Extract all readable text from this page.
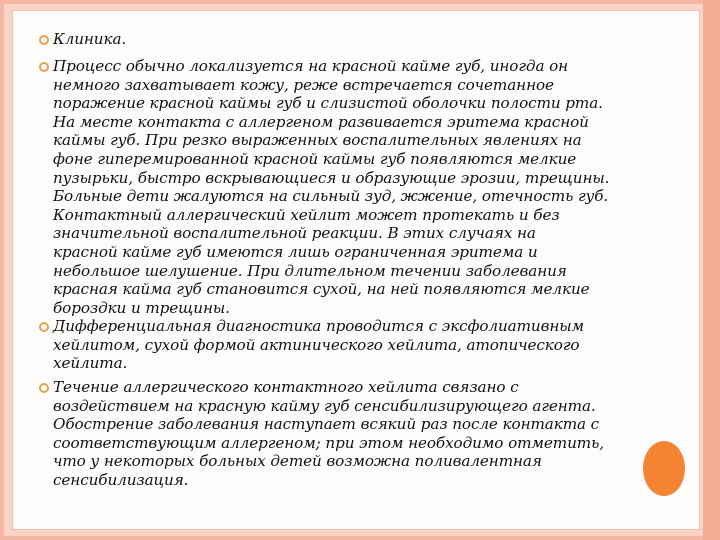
Клиника.
Процесс обычно локализуется на красной кайме губ, иногда он
немного захватывает кожу, реже встречается сочетанное
поражение красной каймы губ и слизистой оболочки полости рта.
На месте контакта с аллергеном развивается эритема красной
каймы губ. При резко выраженных воспалительных явлениях на
фоне гиперемированной красной каймы губ появляются мелкие
пузырьки, быстро вскрывающиеся и образующие эрозии, трещины.
Больные дети жалуются на сильный зуд, жжение, отечность губ.
Контактный аллергический хейлит может протекать и без
значительной воспалительной реакции. В этих случаях на
красной кайме губ имеются лишь ограниченная эритема и
небольшое шелушение. При длительном течении заболевания
красная кайма губ становится сухой, на ней появляются мелкие
бороздки и трещины.
Дифференциальная диагностика проводится с эксфолиативным
хейлитом, сухой формой актинического хейлита, атопического
хейлита.
Течение аллергического контактного хейлита связано с
воздействием на красную кайму губ сенсибилизирующего агента.
Обострение заболевания наступает всякий раз после контакта с
соответствующим аллергеном; при этом необходимо отметить,
что у некоторых больных детей возможна поливалентная
сенсибилизация.
